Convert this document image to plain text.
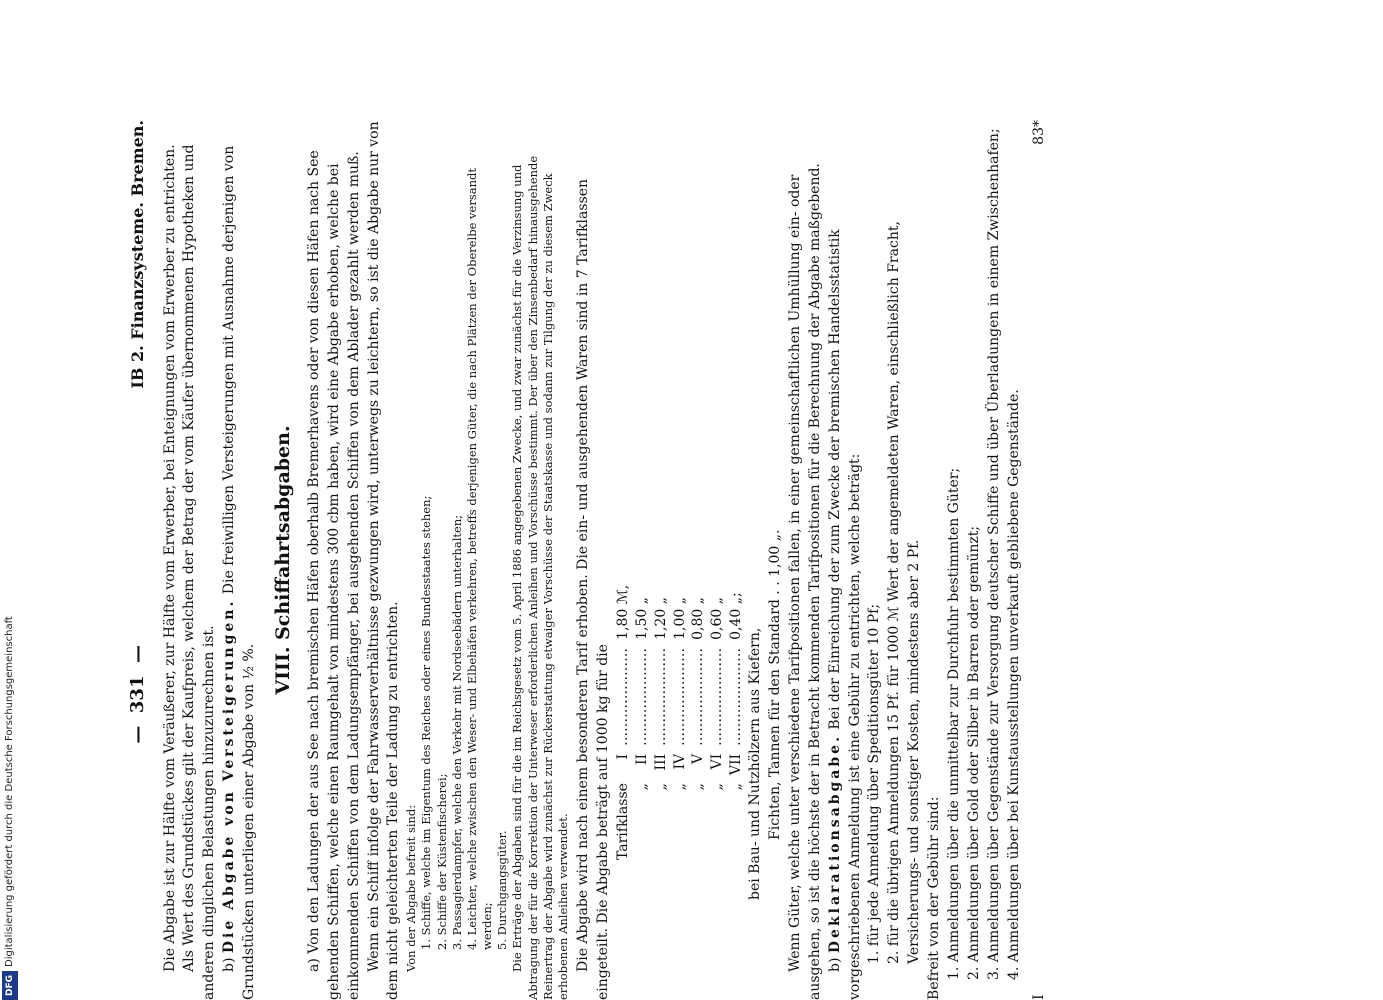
DFG
Digitalisierung gefördert durch die Deutsche Forschungsgemeinschaft	—  331  —
IB 2. Finanzsysteme. Bremen. Die Abgabe ist zur Hälfte vom Veräußerer, zur Hälfte vom Erwerber, bei Enteignungen vom Erwerber zu entrichten. Als Wert des Grundstückes gilt der Kaufpreis, welchem der Betrag der vom Käufer übernommenen Hypotheken und anderen dinglichen Belastungen hinzuzurechnen ist. b) Die Abgabe von Versteigerungen. Die freiwilligen Versteigerungen mit Ausnahme derjenigen von Grundstücken unterliegen einer Abgabe von ½ %.

VIII. Schiffahrtsabgaben. a) Von den Ladungen der aus See nach bremischen Häfen oberhalb Bremerhavens oder von diesen Häfen nach See gehenden Schiffen, welche einen Raumgehalt von mindestens 300 cbm haben, wird eine Abgabe erhoben, welche bei einkommenden Schiffen von dem Ladungsempfänger, bei ausgehenden Schiffen von dem Ablader gezahlt werden muß. Wenn ein Schiff infolge der Fahrwasserverhältnisse gezwungen wird, unterwegs zu leichtern, so ist die Abgabe nur von dem nicht geleichterten Teile der Ladung zu entrichten. Von der Abgabe befreit sind: 1. Schiffe, welche im Eigentum des Reiches oder eines Bundesstaates stehen; 2. Schiffe der Küstenfischerei; 3. Passagierdampfer, welche den Verkehr mit Nordseebädern unterhalten; 4. Leichter, welche zwischen den Weser- und Elbehäfen verkehren, betreffs derjenigen Güter, die nach Plätzen der Oberelbe versandt werden; 5. Durchgangsgüter. Die Erträge der Abgaben sind für die im Reichsgesetz vom 5. April 1886 angegebenen Zwecke, und zwar zunächst für die Verzinsung und Abtragung der für die Korrektion der Unterweser erforderlichen Anleihen und Vorschüsse bestimmt. Der über den Zinsenbedarf hinausgehende Reinertrag der Abgabe wird zunächst zur Rückerstattung etwaiger Vorschüsse der Staatskasse und sodann zur Tilgung der zu diesem Zweck erhobenen Anleihen verwendet. Die Abgabe wird nach einem besonderen Tarif erhoben. Die ein- und ausgehenden Waren sind in 7 Tarifklassen eingeteilt. Die Abgabe beträgt auf 1000 kg für die Tarifklasse	I	…………………	1,80 ℳ,
„	II	…………………	1,50 „
„	III	…………………	1,20 „
„	IV	…………………	1,00 „
„	V	…………………	0,80 „
„	VI	…………………	0,60 „
„	VII	…………………	0,40 „;

bei Bau- und Nutzhölzern aus Kiefern, Fichten, Tannen für den Standard . . 1,00 „. Wenn Güter, welche unter verschiedene Tarifpositionen fallen, in einer gemeinschaftlichen Umhüllung ein- oder ausgehen, so ist die höchste der in Betracht kommenden Tarifpositionen für die Berechnung der Abgabe maßgebend. b) Deklarationsabgabe. Bei der Einreichung der zum Zwecke der bremischen Handelsstatistik vorgeschriebenen Anmeldung ist eine Gebühr zu entrichten, welche beträgt: 1. für jede Anmeldung über Speditionsgüter 10 Pf; 2. für die übrigen Anmeldungen 15 Pf. für 1000 ℳ Wert der angemeldeten Waren, einschließlich Fracht, Versicherungs- und sonstiger Kosten, mindestens aber 2 Pf. Befreit von der Gebühr sind: 1. Anmeldungen über die unmittelbar zur Durchfuhr bestimmten Güter; 2. Anmeldungen über Gold oder Silber in Barren oder gemünzt; 3. Anmeldungen über Gegenstände zur Versorgung deutscher Schiffe und über Überladungen in einem Zwischenhafen; 4. Anmeldungen über bei Kunstausstellungen unverkauft gebliebene Gegenstände.
I
83*
